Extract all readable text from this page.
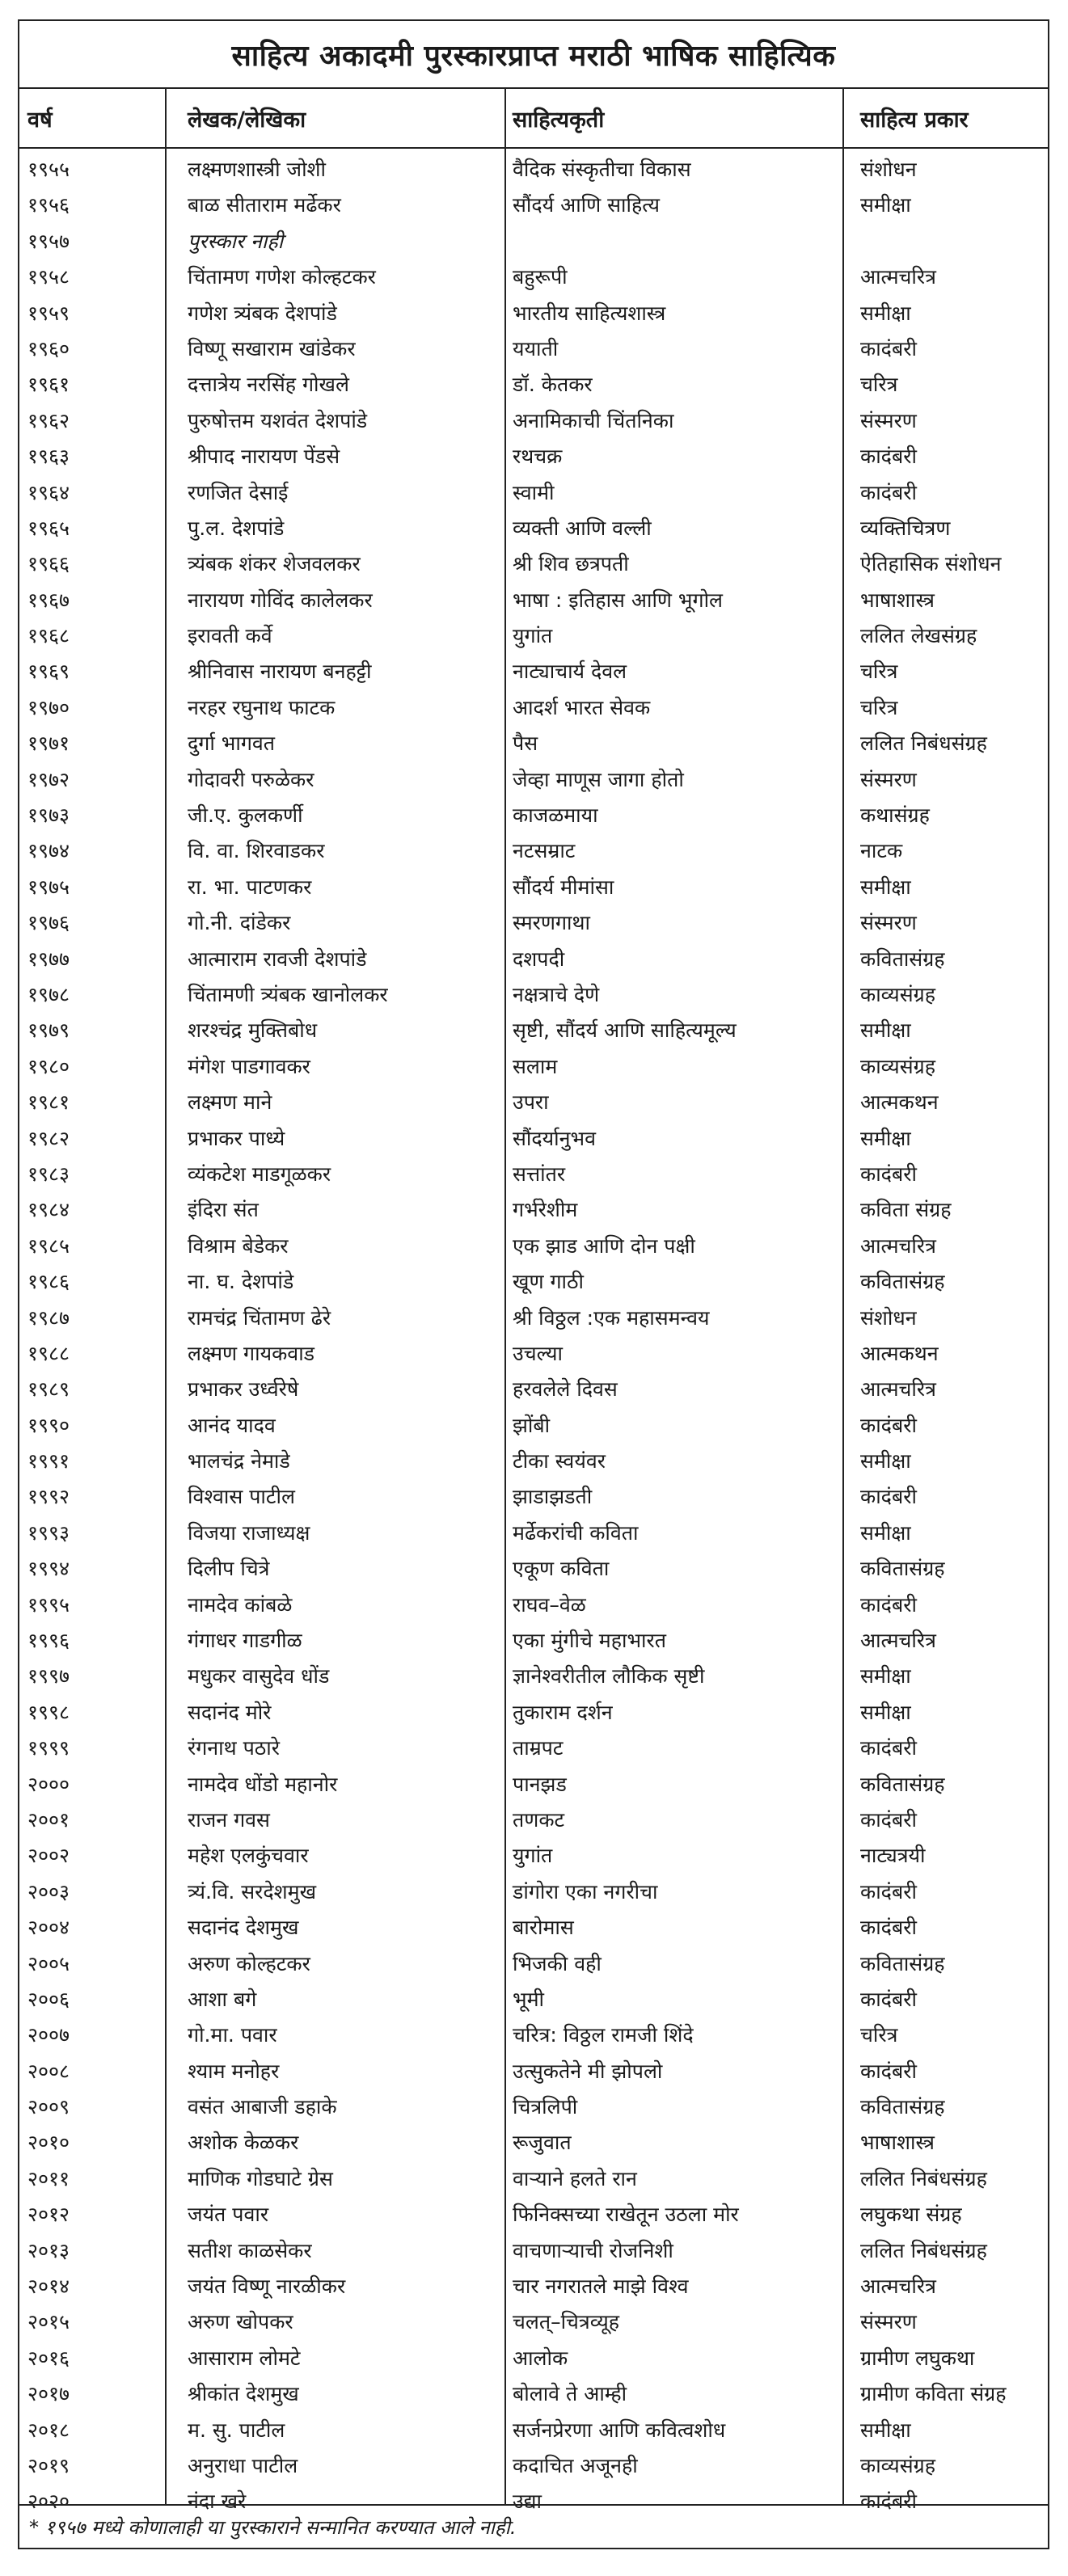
साहित्य अकादमी पुरस्कारप्राप्त मराठी भाषिक साहित्यिक
वर्ष	लेखक/लेखिका	साहित्यकृती	साहित्य प्रकार
१९५५	लक्ष्मणशास्त्री जोशी	वैदिक संस्कृतीचा विकास	संशोधन
१९५६	बाळ सीताराम मर्ढेकर	सौंदर्य आणि साहित्य	समीक्षा
१९५७	पुरस्कार नाही
१९५८	चिंतामण गणेश कोल्हटकर	बहुरूपी	आत्मचरित्र
१९५९	गणेश त्र्यंबक देशपांडे	भारतीय साहित्यशास्त्र	समीक्षा
१९६०	विष्णू सखाराम खांडेकर	ययाती	कादंबरी
१९६१	दत्तात्रेय नरसिंह गोखले	डॉ. केतकर	चरित्र
१९६२	पुरुषोत्तम यशवंत देशपांडे	अनामिकाची चिंतनिका	संस्मरण
१९६३	श्रीपाद नारायण पेंडसे	रथचक्र	कादंबरी
१९६४	रणजित देसाई	स्वामी	कादंबरी
१९६५	पु.ल. देशपांडे	व्यक्ती आणि वल्ली	व्यक्तिचित्रण
१९६६	त्र्यंबक शंकर शेजवलकर	श्री शिव छत्रपती	ऐतिहासिक संशोधन
१९६७	नारायण गोविंद कालेलकर	भाषा : इतिहास आणि भूगोल	भाषाशास्त्र
१९६८	इरावती कर्वे	युगांत	ललित लेखसंग्रह
१९६९	श्रीनिवास नारायण बनहट्टी	नाट्याचार्य देवल	चरित्र
१९७०	नरहर रघुनाथ फाटक	आदर्श भारत सेवक	चरित्र
१९७१	दुर्गा भागवत	पैस	ललित निबंधसंग्रह
१९७२	गोदावरी परुळेकर	जेव्हा माणूस जागा होतो	संस्मरण
१९७३	जी.ए. कुलकर्णी	काजळमाया	कथासंग्रह
१९७४	वि. वा. शिरवाडकर	नटसम्राट	नाटक
१९७५	रा. भा. पाटणकर	सौंदर्य मीमांसा	समीक्षा
१९७६	गो.नी. दांडेकर	स्मरणगाथा	संस्मरण
१९७७	आत्माराम रावजी देशपांडे	दशपदी	कवितासंग्रह
१९७८	चिंतामणी त्र्यंबक खानोलकर	नक्षत्राचे देणे	काव्यसंग्रह
१९७९	शरश्चंद्र मुक्तिबोध	सृष्टी, सौंदर्य आणि साहित्यमूल्य	समीक्षा
१९८०	मंगेश पाडगावकर	सलाम	काव्यसंग्रह
१९८१	लक्ष्मण माने	उपरा	आत्मकथन
१९८२	प्रभाकर पाध्ये	सौंदर्यानुभव	समीक्षा
१९८३	व्यंकटेश माडगूळकर	सत्तांतर	कादंबरी
१९८४	इंदिरा संत	गर्भरेशीम	कविता संग्रह
१९८५	विश्राम बेडेकर	एक झाड आणि दोन पक्षी	आत्मचरित्र
१९८६	ना. घ. देशपांडे	खूण गाठी	कवितासंग्रह
१९८७	रामचंद्र चिंतामण ढेरे	श्री विठ्ठल :एक महासमन्वय	संशोधन
१९८८	लक्ष्मण गायकवाड	उचल्या	आत्मकथन
१९८९	प्रभाकर उर्ध्वरेषे	हरवलेले दिवस	आत्मचरित्र
१९९०	आनंद यादव	झोंबी	कादंबरी
१९९१	भालचंद्र नेमाडे	टीका स्वयंवर	समीक्षा
१९९२	विश्वास पाटील	झाडाझडती	कादंबरी
१९९३	विजया राजाध्यक्ष	मर्ढेकरांची कविता	समीक्षा
१९९४	दिलीप चित्रे	एकूण कविता	कवितासंग्रह
१९९५	नामदेव कांबळे	राघव–वेळ	कादंबरी
१९९६	गंगाधर गाडगीळ	एका मुंगीचे महाभारत	आत्मचरित्र
१९९७	मधुकर वासुदेव धोंड	ज्ञानेश्वरीतील लौकिक सृष्टी	समीक्षा
१९९८	सदानंद मोरे	तुकाराम दर्शन	समीक्षा
१९९९	रंगनाथ पठारे	ताम्रपट	कादंबरी
२०००	नामदेव धोंडो महानोर	पानझड	कवितासंग्रह
२००१	राजन गवस	तणकट	कादंबरी
२००२	महेश एलकुंचवार	युगांत	नाट्यत्रयी
२००३	त्र्यं.वि. सरदेशमुख	डांगोरा एका नगरीचा	कादंबरी
२००४	सदानंद देशमुख	बारोमास	कादंबरी
२००५	अरुण कोल्हटकर	भिजकी वही	कवितासंग्रह
२००६	आशा बगे	भूमी	कादंबरी
२००७	गो.मा. पवार	चरित्र: विठ्ठल रामजी शिंदे	चरित्र
२००८	श्याम मनोहर	उत्सुकतेने मी झोपलो	कादंबरी
२००९	वसंत आबाजी डहाके	चित्रलिपी	कवितासंग्रह
२०१०	अशोक केळकर	रूजुवात	भाषाशास्त्र
२०११	माणिक गोडघाटे ग्रेस	वाऱ्याने हलते रान	ललित निबंधसंग्रह
२०१२	जयंत पवार	फिनिक्सच्या राखेतून उठला मोर	लघुकथा संग्रह
२०१३	सतीश काळसेकर	वाचणाऱ्याची रोजनिशी	ललित निबंधसंग्रह
२०१४	जयंत विष्णू नारळीकर	चार नगरातले माझे विश्व	आत्मचरित्र
२०१५	अरुण खोपकर	चलत्–चित्रव्यूह	संस्मरण
२०१६	आसाराम लोमटे	आलोक	ग्रामीण लघुकथा
२०१७	श्रीकांत देशमुख	बोलावे ते आम्ही	ग्रामीण कविता संग्रह
२०१८	म. सु. पाटील	सर्जनप्रेरणा आणि कवित्वशोध	समीक्षा
२०१९	अनुराधा पाटील	कदाचित अजूनही	काव्यसंग्रह
२०२०	नंदा खरे	उद्या	कादंबरी
* १९५७ मध्ये कोणालाही या पुरस्काराने सन्मानित करण्यात आले नाही.
